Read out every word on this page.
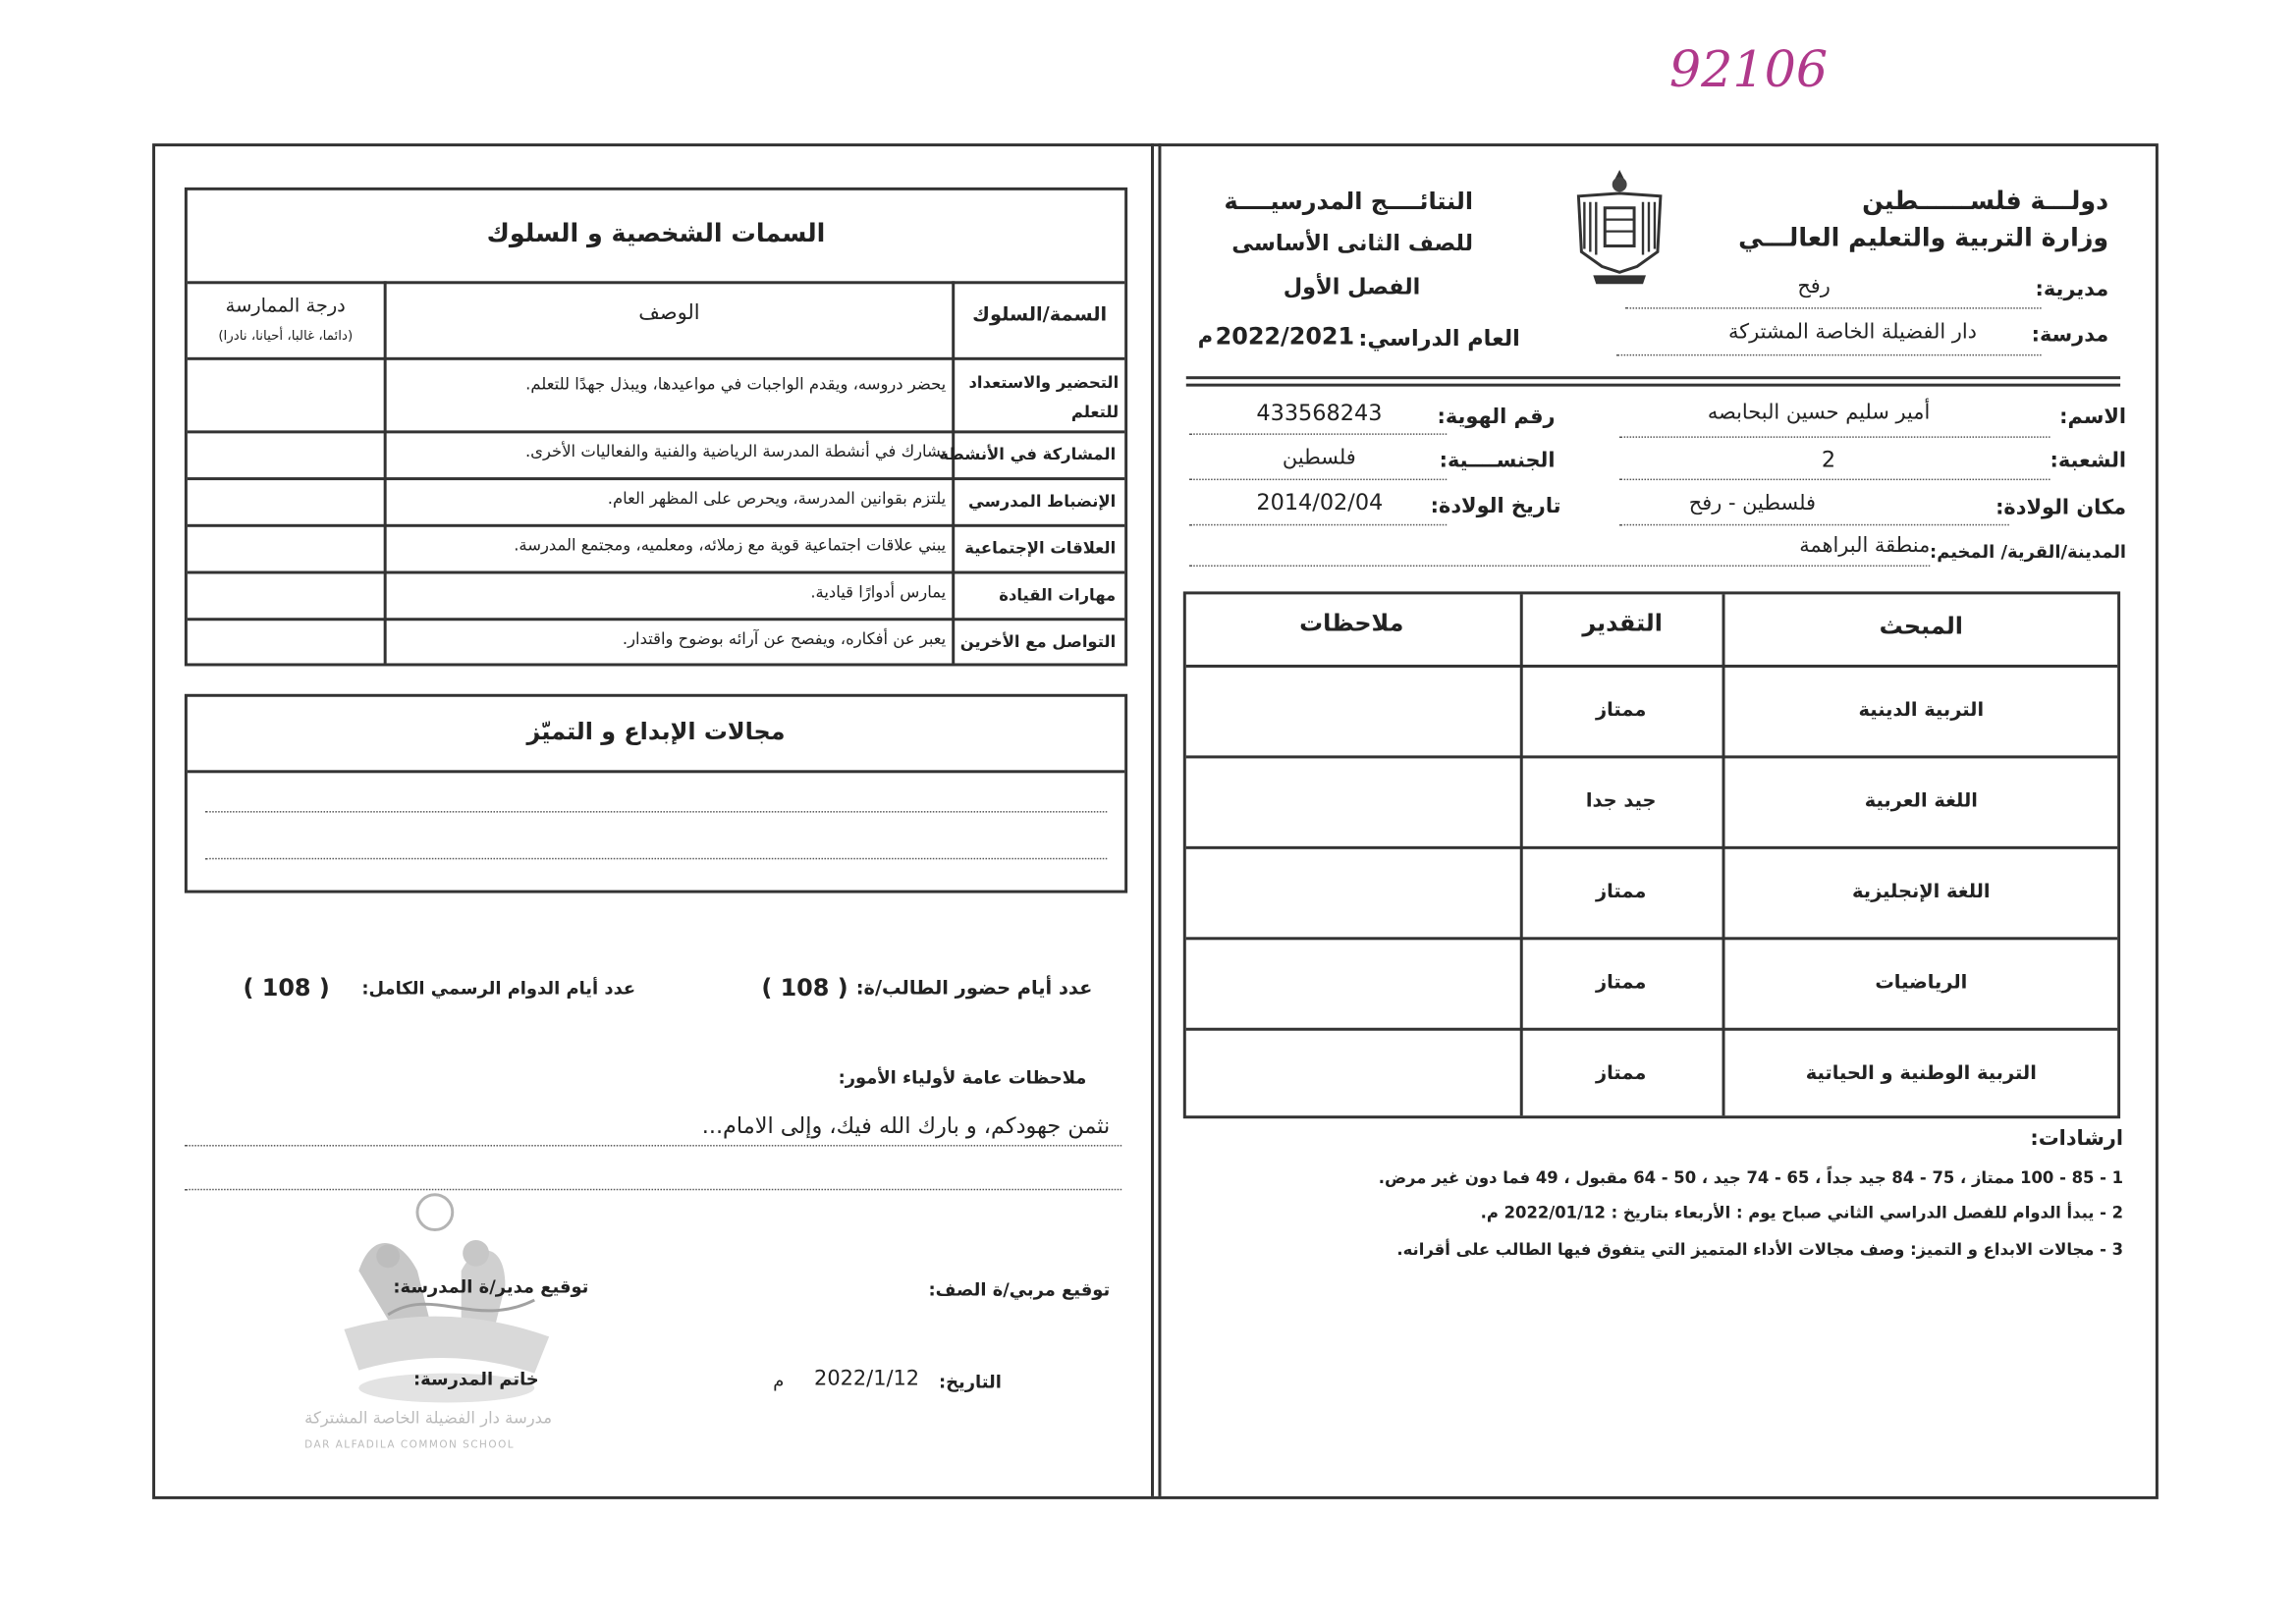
92106
دولـــة فلســــــطين
وزارة التربية والتعليم العالـــي
النتائــــج المدرسيــــة
للصف الثانى الأساسى
الفصل الأول	مديرية:
رفح
مدرسة:
دار الفضيلة الخاصة المشتركة
العام الدراسي:
2022/2021
م
الاسم:
أمير سليم حسين البحابصه
رقم الهوية:
433568243
الشعبة:
2
الجنســــية:
فلسطين
مكان الولادة:
فلسطين - رفح
تاريخ الولادة:
2014/02/04
المدينة/القرية/ المخيم:
منطقة البراهمة
المبحث
التقدير
ملاحظات
التربية الدينية
ممتاز
اللغة العربية
جيد جدا
اللغة الإنجليزية
ممتاز
الرياضيات
ممتاز
التربية الوطنية و الحياتية
ممتاز
ارشادات:
1 - 85 - 100 ممتاز ، 75 - 84 جيد جداً ، 65 - 74 جيد ، 50 - 64 مقبول ، 49 فما دون غير مرض.
2 - يبدأ الدوام للفصل الدراسي الثاني صباح يوم : الأربعاء بتاريخ : 2022/01/12 م.
3 - مجالات الابداع و التميز: وصف مجالات الأداء المتميز التي يتفوق فيها الطالب على أقرانه.
السمات الشخصية و السلوك
السمة/السلوك
الوصف
درجة الممارسة
(دائما، غالبا، أحيانا، نادرا)
التحضير والاستعداد للتعلم
يحضر دروسه، ويقدم الواجبات في مواعيدها، ويبذل جهدًا للتعلم.
المشاركة في الأنشطة
يشارك في أنشطة المدرسة الرياضية والفنية والفعاليات الأخرى.
الإنضباط المدرسي
يلتزم بقوانين المدرسة، ويحرص على المظهر العام.
العلاقات الإجتماعية
يبني علاقات اجتماعية قوية مع زملائه، ومعلميه، ومجتمع المدرسة.
مهارات القيادة
يمارس أدوارًا قيادية.
التواصل مع الأخرين
يعبر عن أفكاره، ويفصح عن آرائه بوضوح واقتدار.
مجالات الإبداع و التميّز
عدد أيام حضور الطالب/ة:
( 108 )
عدد أيام الدوام الرسمي الكامل:
( 108 )
ملاحظات عامة لأولياء الأمور:
نثمن جهودكم، و بارك الله فيك، وإلى الامام...
مدرسة دار الفضيلة الخاصة المشتركة
DAR ALFADILA COMMON SCHOOL
توقيع مربي/ة الصف:
توقيع مدير/ة المدرسة:
خاتم المدرسة:	التاريخ:
2022/1/12
م
